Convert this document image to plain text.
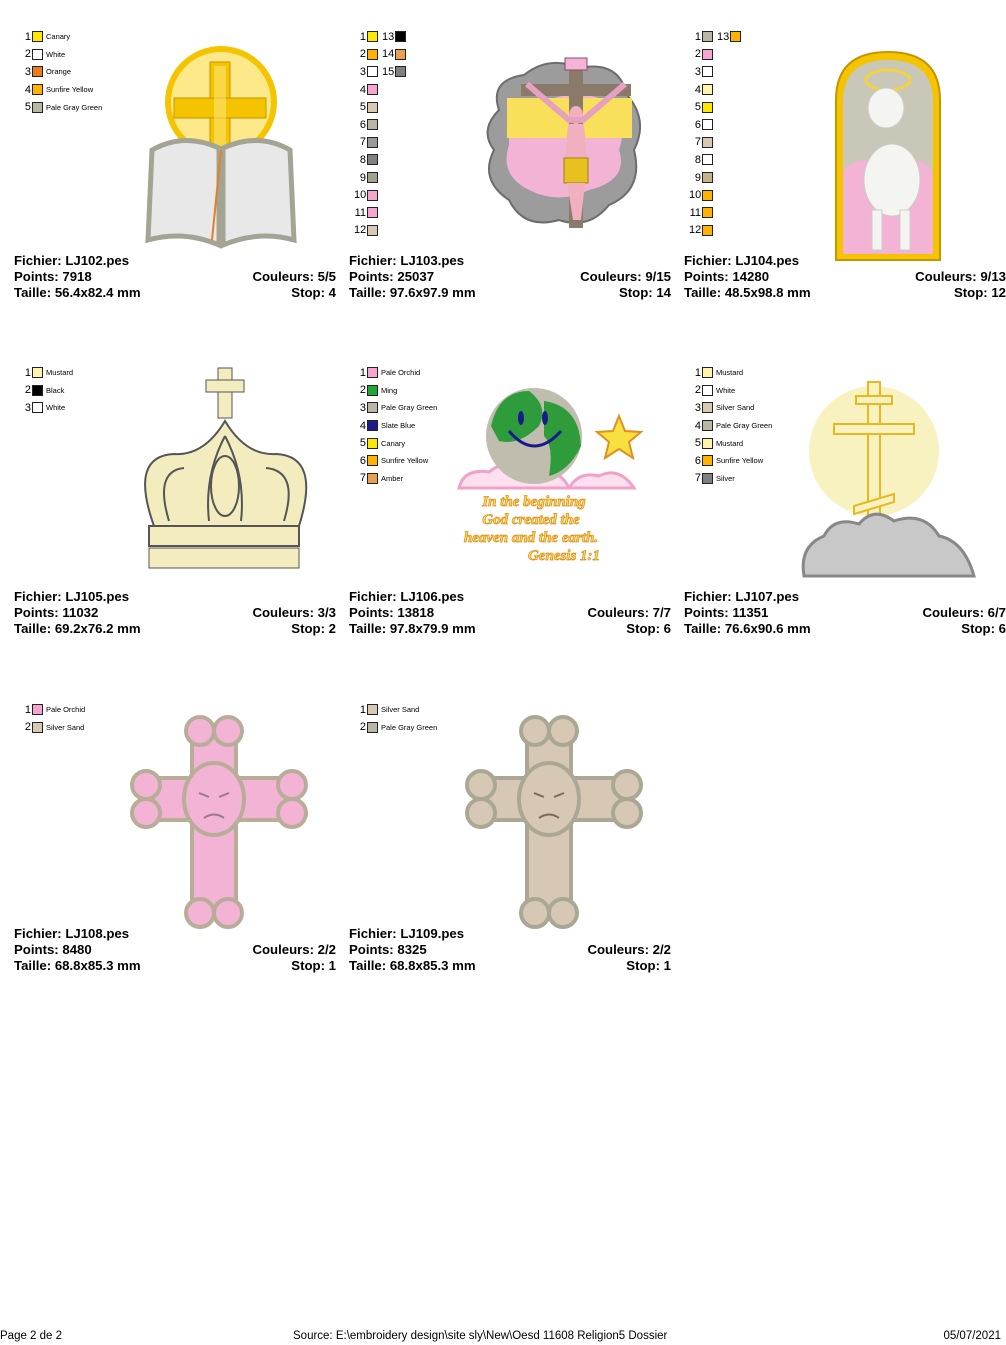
1 Canary
2 White
3 Orange
4 Sunfire Yellow
5 Pale Gray Green
Fichier: LJ102.pes
Points: 7918	Couleurs: 5/5
Taille: 56.4x82.4 mm	Stop: 4
1 13
2 14
3 15
4
5
6
7
8
9
10
11
12
Fichier: LJ103.pes
Points: 25037	Couleurs: 9/15
Taille: 97.6x97.9 mm	Stop: 14
1 13
2
3
4
5
6
7
8
9
10
11
12
Fichier: LJ104.pes
Points: 14280	Couleurs: 9/13
Taille: 48.5x98.8 mm	Stop: 12
1 Mustard
2 Black
3 White
Fichier: LJ105.pes
Points: 11032	Couleurs: 3/3
Taille: 69.2x76.2 mm	Stop: 2
1 Pale Orchid
2 Ming
3 Pale Gray Green
4 Slate Blue
5 Canary
6 Sunfire Yellow
7 Amber
In the beginning
God created the
heaven and the earth.
Genesis 1:1
Fichier: LJ106.pes
Points: 13818	Couleurs: 7/7
Taille: 97.8x79.9 mm	Stop: 6
1 Mustard
2 White
3 Silver Sand
4 Pale Gray Green
5 Mustard
6 Sunfire Yellow
7 Silver
Fichier: LJ107.pes
Points: 11351	Couleurs: 6/7
Taille: 76.6x90.6 mm	Stop: 6
1 Pale Orchid
2 Silver Sand
Fichier: LJ108.pes
Points: 8480	Couleurs: 2/2
Taille: 68.8x85.3 mm	Stop: 1
1 Silver Sand
2 Pale Gray Green
Fichier: LJ109.pes
Points: 8325	Couleurs: 2/2
Taille: 68.8x85.3 mm	Stop: 1
Page 2 de 2	Source: E:\embroidery design\site sly\New\Oesd 11608 Religion5 Dossier	05/07/2021
